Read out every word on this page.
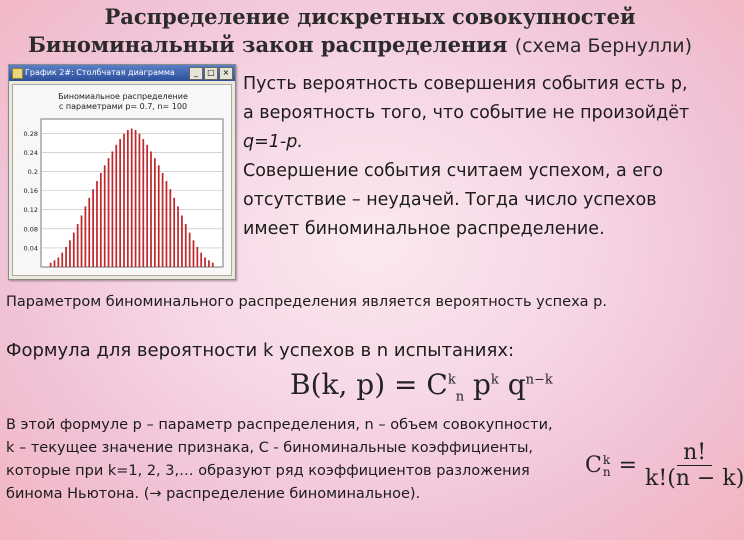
Распределение дискретных совокупностей
Биноминальный закон распределения (схема Бернулли)
График 2#: Столбчатая диаграмма	_	□ ×
Биномиальное распределение
с параметрами p= 0.7, n= 100
0.28
0.24
0.2
0.16
0.12
0.08
0.04
Пусть вероятность совершения события есть р,
а вероятность того, что событие не произойдёт
q=1-p.
Совершение события считаем успехом, а его
отсутствие – неудачей. Тогда число успехов
имеет биноминальное распределение.
Параметром биноминального распределения является вероятность успеха p.
Формула для вероятности k успехов в n испытаниях:
B(k, $p) = C^k_n$ $p^k$ $q^{n-k}$
В этой формуле p – параметр распределения, n – объем совокупности,
k – текущее значение признака, С - биноминальные коэффициенты,
которые при k=1, 2, 3,… образуют ряд коэффициентов разложения
бинома Ньютона. (→ распределение биноминальное).
C k
$n = \frac{n!}{k!(n - k)}$
